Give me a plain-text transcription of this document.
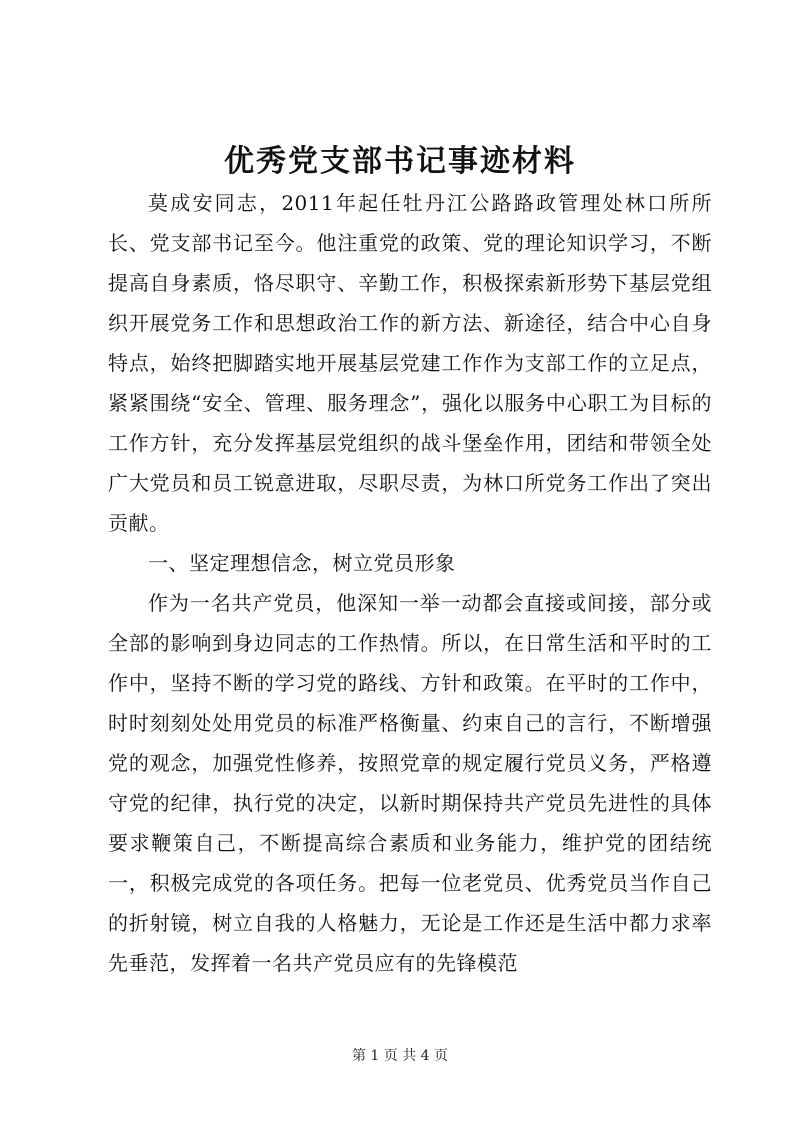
优秀党支部书记事迹材料

莫成安同志，2011年起任牡丹江公路路政管理处林口所所长、党支部书记至今。他注重党的政策、党的理论知识学习，不断提高自身素质，恪尽职守、辛勤工作，积极探索新形势下基层党组织开展党务工作和思想政治工作的新方法、新途径，结合中心自身特点，始终把脚踏实地开展基层党建工作作为支部工作的立足点，紧紧围绕“安全、管理、服务理念”，强化以服务中心职工为目标的工作方针，充分发挥基层党组织的战斗堡垒作用，团结和带领全处广大党员和员工锐意进取，尽职尽责，为林口所党务工作出了突出贡献。

一、坚定理想信念，树立党员形象

作为一名共产党员，他深知一举一动都会直接或间接，部分或全部的影响到身边同志的工作热情。所以，在日常生活和平时的工作中，坚持不断的学习党的路线、方针和政策。在平时的工作中，时时刻刻处处用党员的标准严格衡量、约束自己的言行，不断增强党的观念，加强党性修养，按照党章的规定履行党员义务，严格遵守党的纪律，执行党的决定，以新时期保持共产党员先进性的具体要求鞭策自己，不断提高综合素质和业务能力，维护党的团结统一，积极完成党的各项任务。把每一位老党员、优秀党员当作自己的折射镜，树立自我的人格魅力，无论是工作还是生活中都力求率先垂范，发挥着一名共产党员应有的先锋模范

第 1 页 共 4 页
